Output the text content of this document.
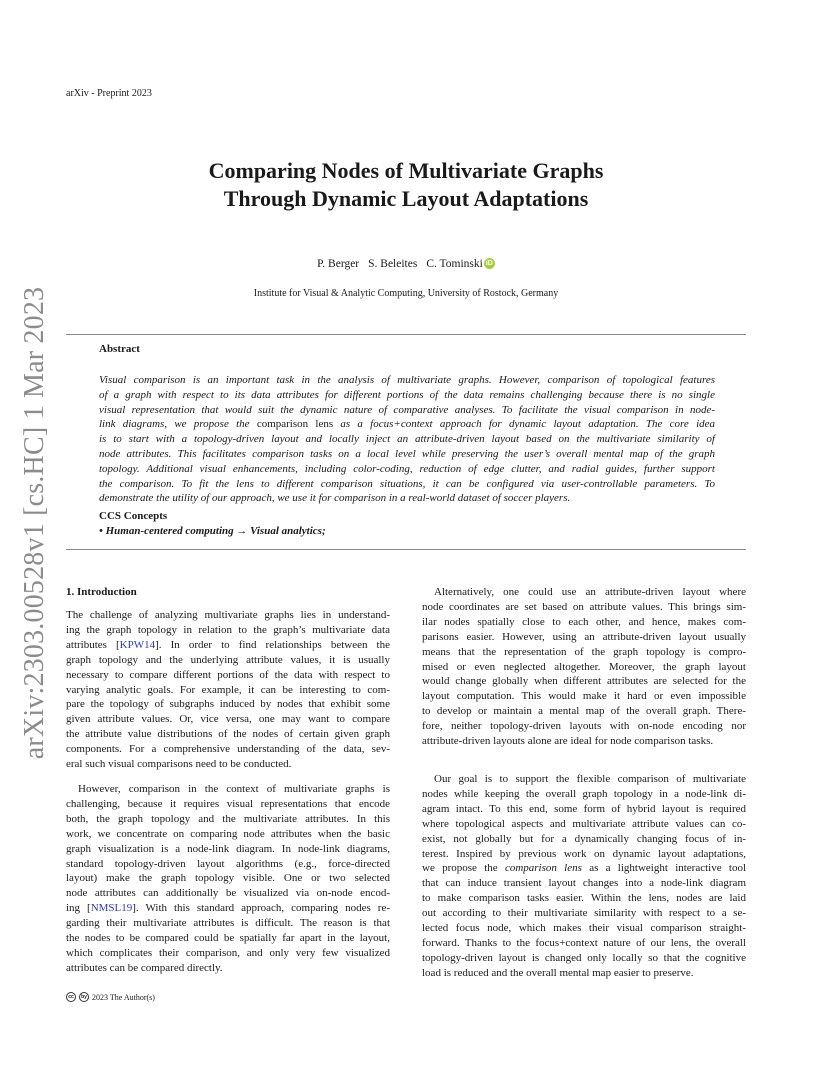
arXiv - Preprint 2023
arXiv:2303.00528v1 [cs.HC] 1 Mar 2023
Comparing Nodes of Multivariate Graphs
Through Dynamic Layout Adaptations
P. Berger S. Beleites C. Tominski iD
Institute for Visual & Analytic Computing, University of Rostock, Germany
Abstract
Visual comparison is an important task in the analysis of multivariate graphs. However, comparison of topological features
of a graph with respect to its data attributes for different portions of the data remains challenging because there is no single
visual representation that would suit the dynamic nature of comparative analyses. To facilitate the visual comparison in node-
link diagrams, we propose the comparison lens as a focus+context approach for dynamic layout adaptation. The core idea
is to start with a topology-driven layout and locally inject an attribute-driven layout based on the multivariate similarity of
node attributes. This facilitates comparison tasks on a local level while preserving the user’s overall mental map of the graph
topology. Additional visual enhancements, including color-coding, reduction of edge clutter, and radial guides, further support
the comparison. To fit the lens to different comparison situations, it can be configured via user-controllable parameters. To
demonstrate the utility of our approach, we use it for comparison in a real-world dataset of soccer players.
CCS Concepts
• Human-centered computing → Visual analytics;
1. Introduction
The challenge of analyzing multivariate graphs lies in understand-
ing the graph topology in relation to the graph’s multivariate data
attributes [KPW14]. In order to find relationships between the
graph topology and the underlying attribute values, it is usually
necessary to compare different portions of the data with respect to
varying analytic goals. For example, it can be interesting to com-
pare the topology of subgraphs induced by nodes that exhibit some
given attribute values. Or, vice versa, one may want to compare
the attribute value distributions of the nodes of certain given graph
components. For a comprehensive understanding of the data, sev-
eral such visual comparisons need to be conducted.
However, comparison in the context of multivariate graphs is
challenging, because it requires visual representations that encode
both, the graph topology and the multivariate attributes. In this
work, we concentrate on comparing node attributes when the basic
graph visualization is a node-link diagram. In node-link diagrams,
standard topology-driven layout algorithms (e.g., force-directed
layout) make the graph topology visible. One or two selected
node attributes can additionally be visualized via on-node encod-
ing [NMSL19]. With this standard approach, comparing nodes re-
garding their multivariate attributes is difficult. The reason is that
the nodes to be compared could be spatially far apart in the layout,
which complicates their comparison, and only very few visualized
attributes can be compared directly.
Alternatively, one could use an attribute-driven layout where
node coordinates are set based on attribute values. This brings sim-
ilar nodes spatially close to each other, and hence, makes com-
parisons easier. However, using an attribute-driven layout usually
means that the representation of the graph topology is compro-
mised or even neglected altogether. Moreover, the graph layout
would change globally when different attributes are selected for the
layout computation. This would make it hard or even impossible
to develop or maintain a mental map of the overall graph. There-
fore, neither topology-driven layouts with on-node encoding nor
attribute-driven layouts alone are ideal for node comparison tasks.
Our goal is to support the flexible comparison of multivariate
nodes while keeping the overall graph topology in a node-link di-
agram intact. To this end, some form of hybrid layout is required
where topological aspects and multivariate attribute values can co-
exist, not globally but for a dynamically changing focus of in-
terest. Inspired by previous work on dynamic layout adaptations,
we propose the comparison lens as a lightweight interactive tool
that can induce transient layout changes into a node-link diagram
to make comparison tasks easier. Within the lens, nodes are laid
out according to their multivariate similarity with respect to a se-
lected focus node, which makes their visual comparison straight-
forward. Thanks to the focus+context nature of our lens, the overall
topology-driven layout is changed only locally so that the cognitive
load is reduced and the overall mental map easier to preserve.
cc	by 2023 The Author(s)
